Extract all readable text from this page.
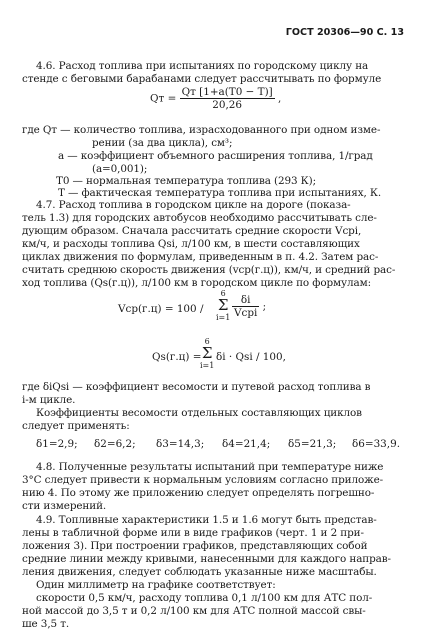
ГОСТ 20306—90 С. 13
4.6. Расход топлива при испытаниях по городскому циклу на
стенде с беговыми барабанами следует рассчитывать по формуле
Qт = $\frac{Qт [1+a(T0 - T)]}{20,26}$ ,
где Qт — количество топлива, израсходованного при одном изме-
рении (за два цикла), см³;
a — коэффициент объемного расширения топлива, 1/град
(a=0,001);
T0 — нормальная температура топлива (293 К);
T — фактическая температура топлива при испытаниях, К.
4.7. Расход топлива в городском цикле на дороге (показа-
тель 1.3) для городских автобусов необходимо рассчитывать сле-
дующим образом. Сначала рассчитать средние скорости Vcpi,
км/ч, и расходы топлива Qsi, л/100 км, в шести составляющих
циклах движения по формулам, приведенным в п. 4.2. Затем рас-
считать среднюю скорость движения (vср(г.ц)), км/ч, и средний рас-
ход топлива (Qs(г.ц)), л/100 км в городском цикле по формулам:
Vср(г.ц) = 100 /
6
Σ
$i=1 \frac{\delta i}{\text{Vcpi}}$ ;
Qs(г.ц) =
6
Σ
i=1
δi · Qsi / 100,
где δiQsi — коэффициент весомости и путевой расход топлива в
i-м цикле.
Коэффициенты весомости отдельных составляющих циклов
следует применять:
δ1=2,9; δ2=6,2; δ3=14,3; δ4=21,4; δ5=21,3; δ6=33,9.
4.8. Полученные результаты испытаний при температуре ниже
3°С следует привести к нормальным условиям согласно приложе-
нию 4. По этому же приложению следует определять погрешно-
сти измерений.
4.9. Топливные характеристики 1.5 и 1.6 могут быть представ-
лены в табличной форме или в виде графиков (черт. 1 и 2 при-
ложения 3). При построении графиков, представляющих собой
средние линии между кривыми, нанесенными для каждого направ-
ления движения, следует соблюдать указанные ниже масштабы.
Один миллиметр на графике соответствует:
скорости 0,5 км/ч, расходу топлива 0,1 л/100 км для АТС пол-
ной массой до 3,5 т и 0,2 л/100 км для АТС полной массой свы-
ше 3,5 т.
